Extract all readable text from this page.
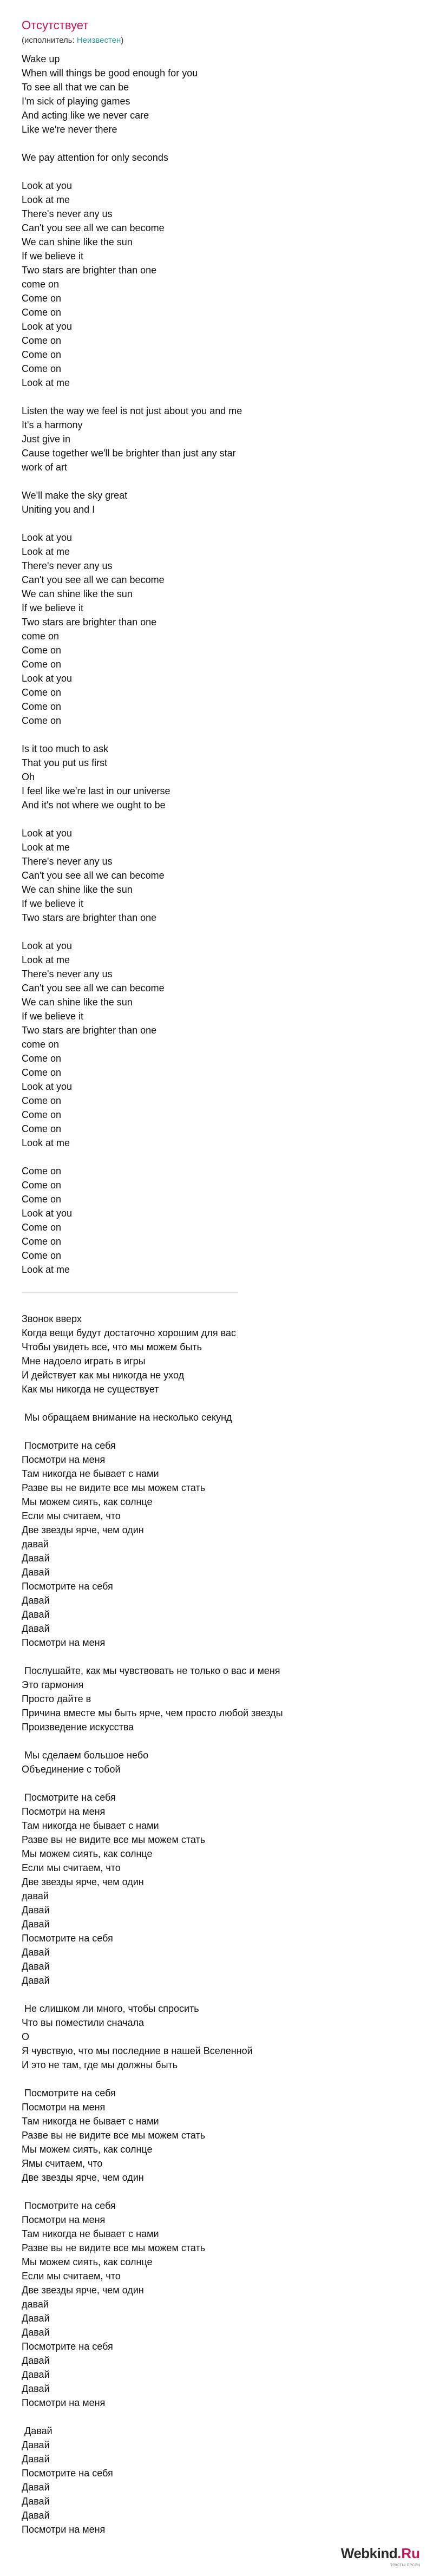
Отсутствует
(исполнитель: Неизвестен)
Wake up
When will things be good enough for you
To see all that we can be
I'm sick of playing games
And acting like we never care
Like we're never there
We pay attention for only seconds
Look at you
Look at me
There's never any us
Can't you see all we can become
We can shine like the sun
If we believe it
Two stars are brighter than one
come on
Come on
Come on
Look at you
Come on
Come on
Come on
Look at me
Listen the way we feel is not just about you and me
It's a harmony
Just give in
Cause together we'll be brighter than just any star
work of art
We'll make the sky great
Uniting you and I
Look at you
Look at me
There's never any us
Can't you see all we can become
We can shine like the sun
If we believe it
Two stars are brighter than one
come on
Come on
Come on
Look at you
Come on
Come on
Come on
Is it too much to ask
That you put us first
Oh
I feel like we're last in our universe
And it's not where we ought to be
Look at you
Look at me
There's never any us
Can't you see all we can become
We can shine like the sun
If we believe it
Two stars are brighter than one
Look at you
Look at me
There's never any us
Can't you see all we can become
We can shine like the sun
If we believe it
Two stars are brighter than one
come on
Come on
Come on
Look at you
Come on
Come on
Come on
Look at me
Come on
Come on
Come on
Look at you
Come on
Come on
Come on
Look at me
Звонок вверх
Когда вещи будут достаточно хорошим для вас
Чтобы увидеть все, что мы можем быть
Мне надоело играть в игры
И действует как мы никогда не уход
Как мы никогда не существует
Мы обращаем внимание на несколько секунд
Посмотрите на себя
Посмотри на меня
Там никогда не бывает с нами
Разве вы не видите все мы можем стать
Мы можем сиять, как солнце
Если мы считаем, что
Две звезды ярче, чем один
давай
Давай
Давай
Посмотрите на себя
Давай
Давай
Давай
Посмотри на меня
Послушайте, как мы чувствовать не только о вас и меня
Это гармония
Просто дайте в
Причина вместе мы быть ярче, чем просто любой звезды
Произведение искусства
Мы сделаем большое небо
Объединение с тобой
Посмотрите на себя
Посмотри на меня
Там никогда не бывает с нами
Разве вы не видите все мы можем стать
Мы можем сиять, как солнце
Если мы считаем, что
Две звезды ярче, чем один
давай
Давай
Давай
Посмотрите на себя
Давай
Давай
Давай
Не слишком ли много, чтобы спросить
Что вы поместили сначала
О
Я чувствую, что мы последние в нашей Вселенной
И это не там, где мы должны быть
Посмотрите на себя
Посмотри на меня
Там никогда не бывает с нами
Разве вы не видите все мы можем стать
Мы можем сиять, как солнце
Ямы считаем, что
Две звезды ярче, чем один
Посмотрите на себя
Посмотри на меня
Там никогда не бывает с нами
Разве вы не видите все мы можем стать
Мы можем сиять, как солнце
Если мы считаем, что
Две звезды ярче, чем один
давай
Давай
Давай
Посмотрите на себя
Давай
Давай
Давай
Посмотри на меня
Давай
Давай
Давай
Посмотрите на себя
Давай
Давай
Давай
Посмотри на меня
Webkind.Ru
тексты песен
